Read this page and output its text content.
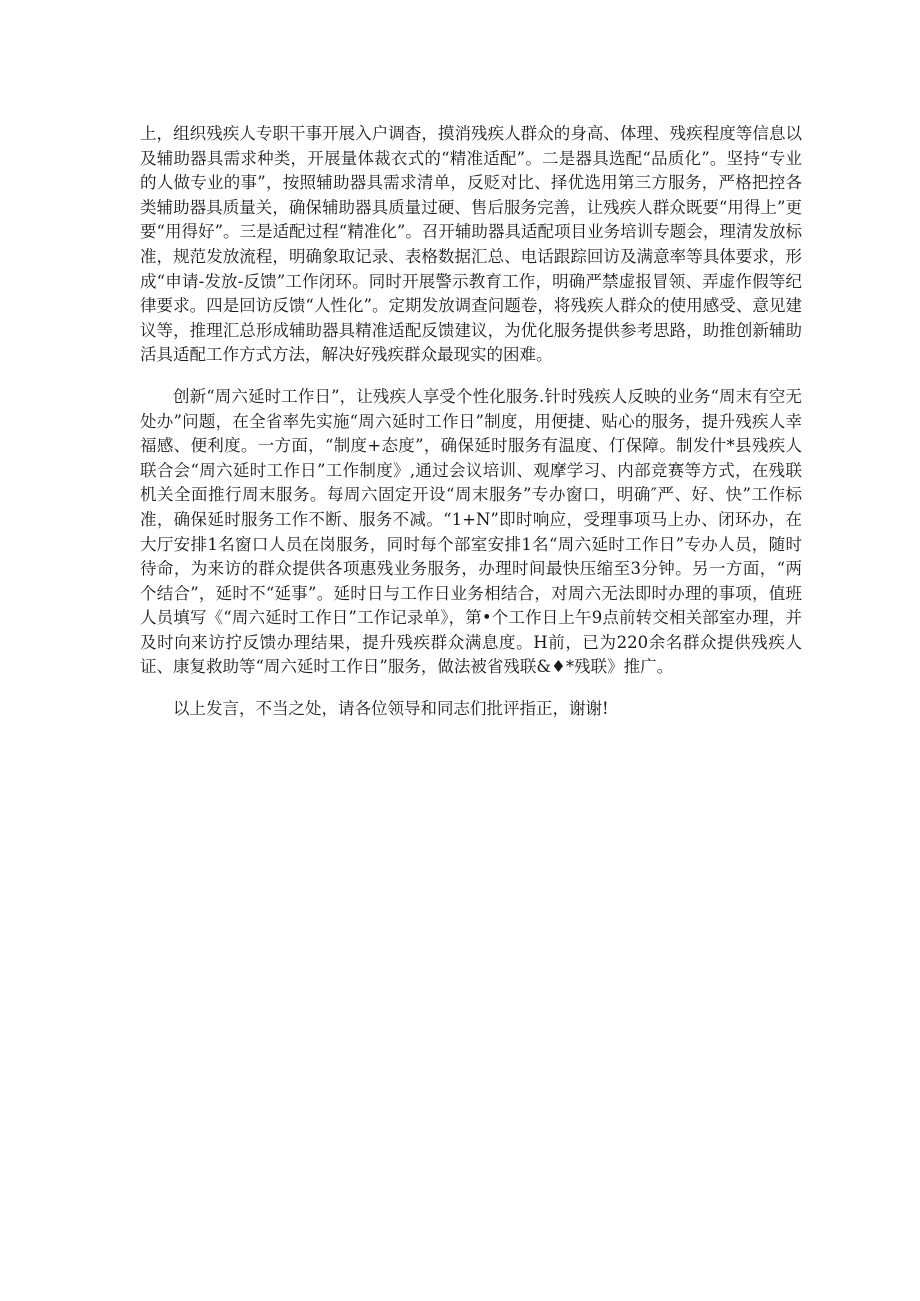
上，组织残疾人专职干事开展入户调杳，摸消残疾人群众的身高、体理、残疾程度等信息以及辅助器具需求种类，开展量体裁衣式的“精准适配”。二是器具选配“品质化”。坚持“专业的人做专业的事”，按照辅助器具需求清单，反贬对比、择优选用第三方服务，严格把控各类辅助器具质量关，确保辅助器具质量过硬、售后服务完善，让残疾人群众既要“用得上”更要“用得好”。三是适配过程“精准化”。召开辅助器具适配项目业务培训专题会，理清发放标准，规范发放流程，明确象取记录、表格数据汇总、电话跟踪回访及满意率等具体要求，形成“申请-发放-反馈”工作闭环。同时开展警示教育工作，明确严禁虚报冒领、弄虚作假等纪律要求。四是回访反馈“人性化”。定期发放调查问题卷，将残疾人群众的使用感受、意见建议等，推理汇总形成辅助器具精准适配反馈建议，为优化服务提供参考思路，助推创新辅助活具适配工作方式方法，解决好残疾群众最现实的困难。

创新“周六延时工作日”，让残疾人享受个性化服务.针时残疾人反映的业务“周末有空无处办”问题，在全省率先实施“周六延时工作日”制度，用便捷、贴心的服务，提升残疾人幸福感、便利度。一方面，“制度+态度”，确保延时服务有温度、仃保障。制发什*县残疾人联合会“周六延时工作日”工作制度》,通过会议培训、观摩学习、内部竞赛等方式，在残联机关全面推行周末服务。每周六固定开设“周末服务”专办窗口，明确″严、好、快”工作标准，确保延时服务工作不断、服务不减。“1+N”即时响应，受理事项马上办、闭环办，在大厅安排1名窗口人员在岗服务，同时每个部室安排1名“周六延时工作日”专办人员，随时待命，为来访的群众提供各项惠残业务服务，办理时间最快压缩至3分钟。另一方面，“两个结合”，延时不“延事”。延时日与工作日业务相结合，对周六无法即时办理的事项，值班人员填写《“周六延时工作日”工作记录单》，第•个工作日上午9点前转交相关部室办理，并及时向来访拧反馈办理结果，提升残疾群众满息度。H前，已为220余名群众提供残疾人证、康复救助等“周六延时工作日”服务，做法被省残联&♦*残联》推广。

以上发言，不当之处，请各位领导和同志们批评指正，谢谢!
